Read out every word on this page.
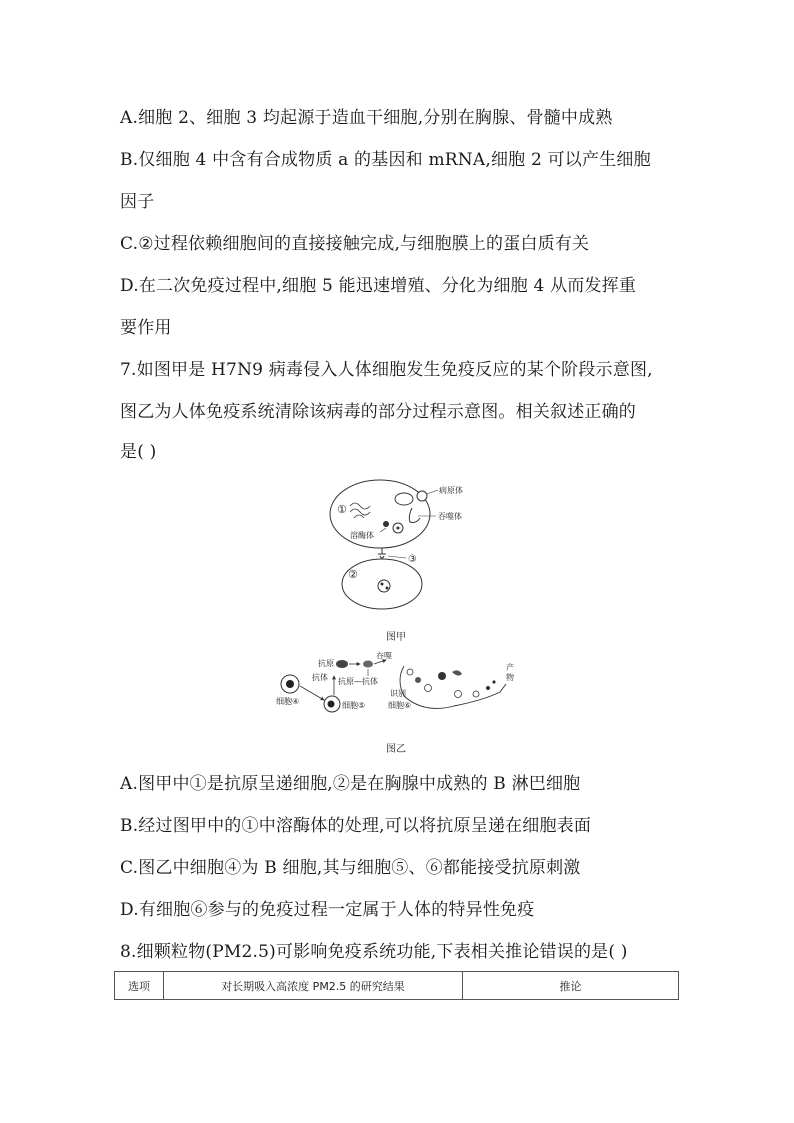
A.细胞 2、细胞 3 均起源于造血干细胞,分别在胸腺、骨髓中成熟
B.仅细胞 4 中含有合成物质 a 的基因和 mRNA,细胞 2 可以产生细胞
因子
C.②过程依赖细胞间的直接接触完成,与细胞膜上的蛋白质有关
D.在二次免疫过程中,细胞 5 能迅速增殖、分化为细胞 4 从而发挥重
要作用
7.如图甲是 H7N9 病毒侵入人体细胞发生免疫反应的某个阶段示意图,
图乙为人体免疫系统清除该病毒的部分过程示意图。相关叙述正确的
是( )
①
病原体
吞噬体
溶酶体
③
②
图甲
细胞④	细胞⑤
抗体
抗原
抗原—抗体
吞噬
识别
细胞⑥
产
物
图乙
A.图甲中①是抗原呈递细胞,②是在胸腺中成熟的 B 淋巴细胞
B.经过图甲中的①中溶酶体的处理,可以将抗原呈递在细胞表面
C.图乙中细胞④为 B 细胞,其与细胞⑤、⑥都能接受抗原刺激
D.有细胞⑥参与的免疫过程一定属于人体的特异性免疫
8.细颗粒物(PM2.5)可影响免疫系统功能,下表相关推论错误的是( )
选项	对长期吸入高浓度 PM2.5 的研究结果	推论
